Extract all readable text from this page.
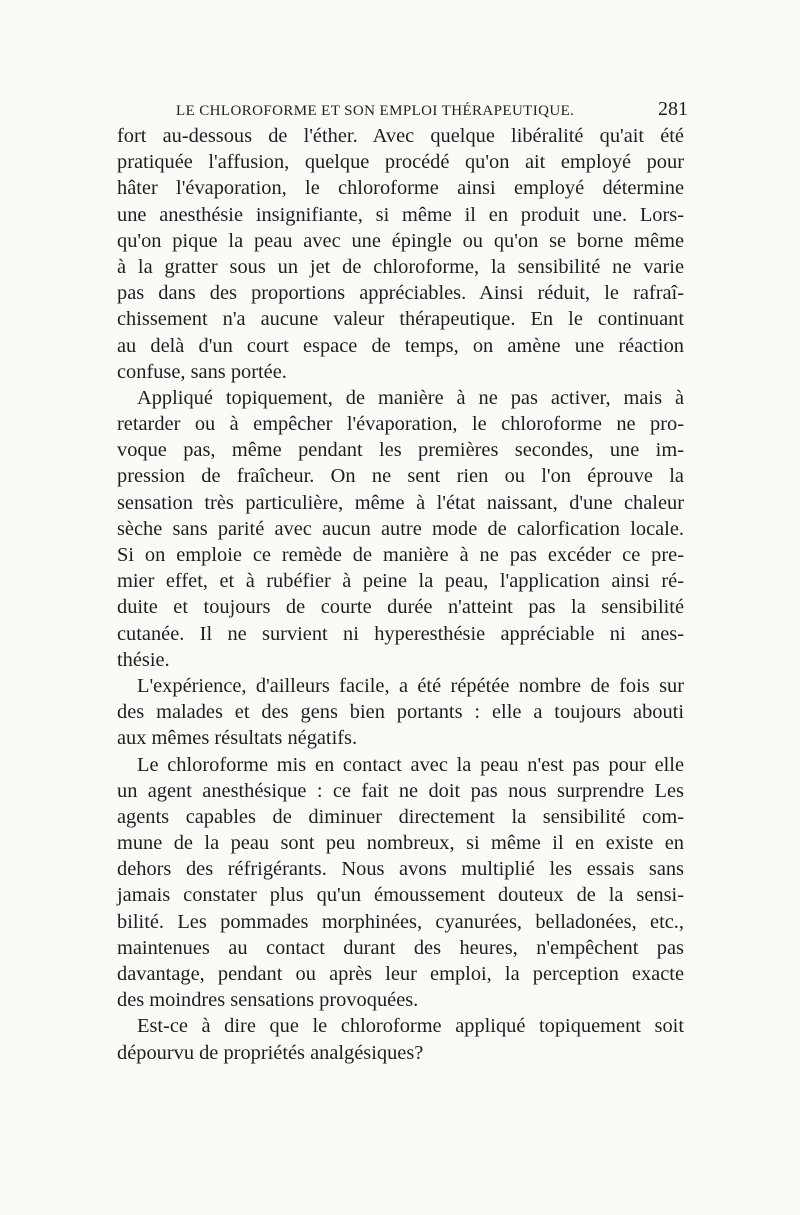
LE CHLOROFORME ET SON EMPLOI THÉRAPEUTIQUE.	281
fort au-dessous de l'éther. Avec quelque libéralité qu'ait été
pratiquée l'affusion, quelque procédé qu'on ait employé pour
hâter l'évaporation, le chloroforme ainsi employé détermine
une anesthésie insignifiante, si même il en produit une. Lors-
qu'on pique la peau avec une épingle ou qu'on se borne même
à la gratter sous un jet de chloroforme, la sensibilité ne varie
pas dans des proportions appréciables. Ainsi réduit, le rafraî-
chissement n'a aucune valeur thérapeutique. En le continuant
au delà d'un court espace de temps, on amène une réaction
confuse, sans portée.
Appliqué topiquement, de manière à ne pas activer, mais à
retarder ou à empêcher l'évaporation, le chloroforme ne pro-
voque pas, même pendant les premières secondes, une im-
pression de fraîcheur. On ne sent rien ou l'on éprouve la
sensation très particulière, même à l'état naissant, d'une chaleur
sèche sans parité avec aucun autre mode de calorfication locale.
Si on emploie ce remède de manière à ne pas excéder ce pre-
mier effet, et à rubéfier à peine la peau, l'application ainsi ré-
duite et toujours de courte durée n'atteint pas la sensibilité
cutanée. Il ne survient ni hyperesthésie appréciable ni anes-
thésie.
L'expérience, d'ailleurs facile, a été répétée nombre de fois sur
des malades et des gens bien portants : elle a toujours abouti
aux mêmes résultats négatifs.
Le chloroforme mis en contact avec la peau n'est pas pour elle
un agent anesthésique : ce fait ne doit pas nous surprendre Les
agents capables de diminuer directement la sensibilité com-
mune de la peau sont peu nombreux, si même il en existe en
dehors des réfrigérants. Nous avons multiplié les essais sans
jamais constater plus qu'un émoussement douteux de la sensi-
bilité. Les pommades morphinées, cyanurées, belladonées, etc.,
maintenues au contact durant des heures, n'empêchent pas
davantage, pendant ou après leur emploi, la perception exacte
des moindres sensations provoquées.
Est-ce à dire que le chloroforme appliqué topiquement soit
dépourvu de propriétés analgésiques?
